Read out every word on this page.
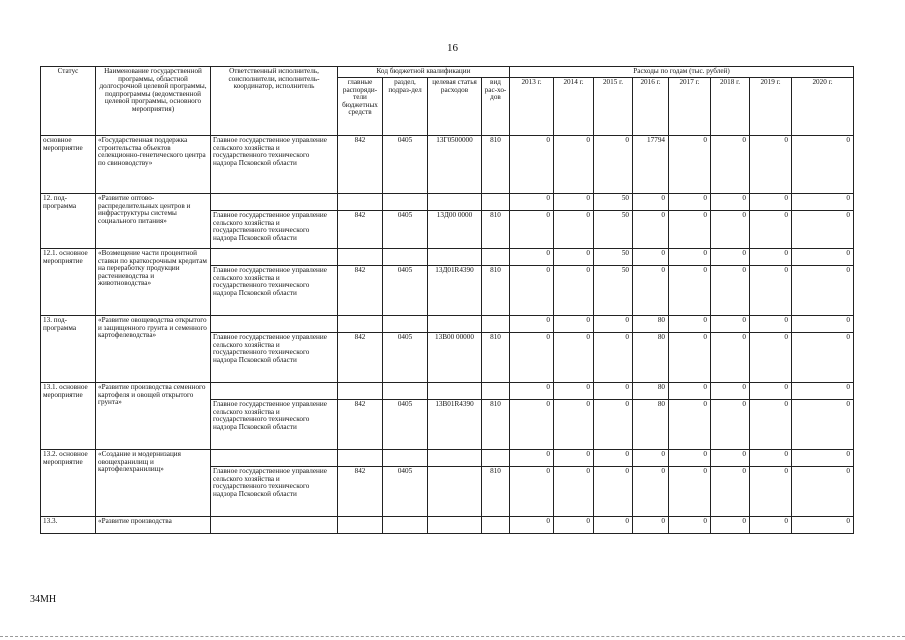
16
Статус	Наименование государственной программы, областной долгосрочной целевой программы, подпрограммы (ведомственной целевой программы, основного мероприятия)	Ответственный исполнитель, соисполнители, исполнитель-координатор, исполнитель	Код бюджетной квалификации				Расходы по годам (тыс. рублей)							
			главные распоряди-тели бюджетных средств	раздел, подраз-дел	целевая статья расходов	вид рас-хо-дов	2013 г.	2014 г.	2015 г.	2016 г.	2017 г.	2018 г.	2019 г.	2020 г.
основное мероприятие	«Государственная поддержка строительства объектов селекционно-генетического центра по свиноводству»	Главное государственное управление сельского хозяйства и государственного технического надзора Псковской области	842	0405	13Г0500000	810	0	0	0	17794	0	0	0	0
12. под-программа	«Развитие оптово-распределительных центров и инфраструктуры системы социального питания»						0	0	50	0	0	0	0	0
		Главное государственное управление сельского хозяйства и государственного технического надзора Псковской области	842	0405	13Д00 0000	810	0	0	50	0	0	0	0	0
12.1. основное мероприятие	«Возмещение части процентной ставки по краткосрочным кредитам на переработку продукции растениеводства и животноводства»						0	0	50	0	0	0	0	0
		Главное государственное управление сельского хозяйства и государственного технического надзора Псковской области	842	0405	13Д01R4390	810	0	0	50	0	0	0	0	0
13. под-программа	«Развитие овощеводства открытого и защищенного грунта и семенного картофелеводства»						0	0	0	80	0	0	0	0
		Главное государственное управление сельского хозяйства и государственного технического надзора Псковской области	842	0405	13В00 00000	810	0	0	0	80	0	0	0	0
13.1. основное мероприятие	«Развитие производства семенного картофеля и овощей открытого грунта»						0	0	0	80	0	0	0	0
		Главное государственное управление сельского хозяйства и государственного технического надзора Псковской области	842	0405	13В01R4390	810	0	0	0	80	0	0	0	0
13.2. основное мероприятие	«Создание и модернизация овощехранилищ и картофелехранилищ»						0	0	0	0	0	0	0	0
		Главное государственное управление сельского хозяйства и государственного технического надзора Псковской области	842	0405		810	0	0	0	0	0	0	0	0
13.3.	«Развитие производства						0	0	0	0	0	0	0	0
34МН
